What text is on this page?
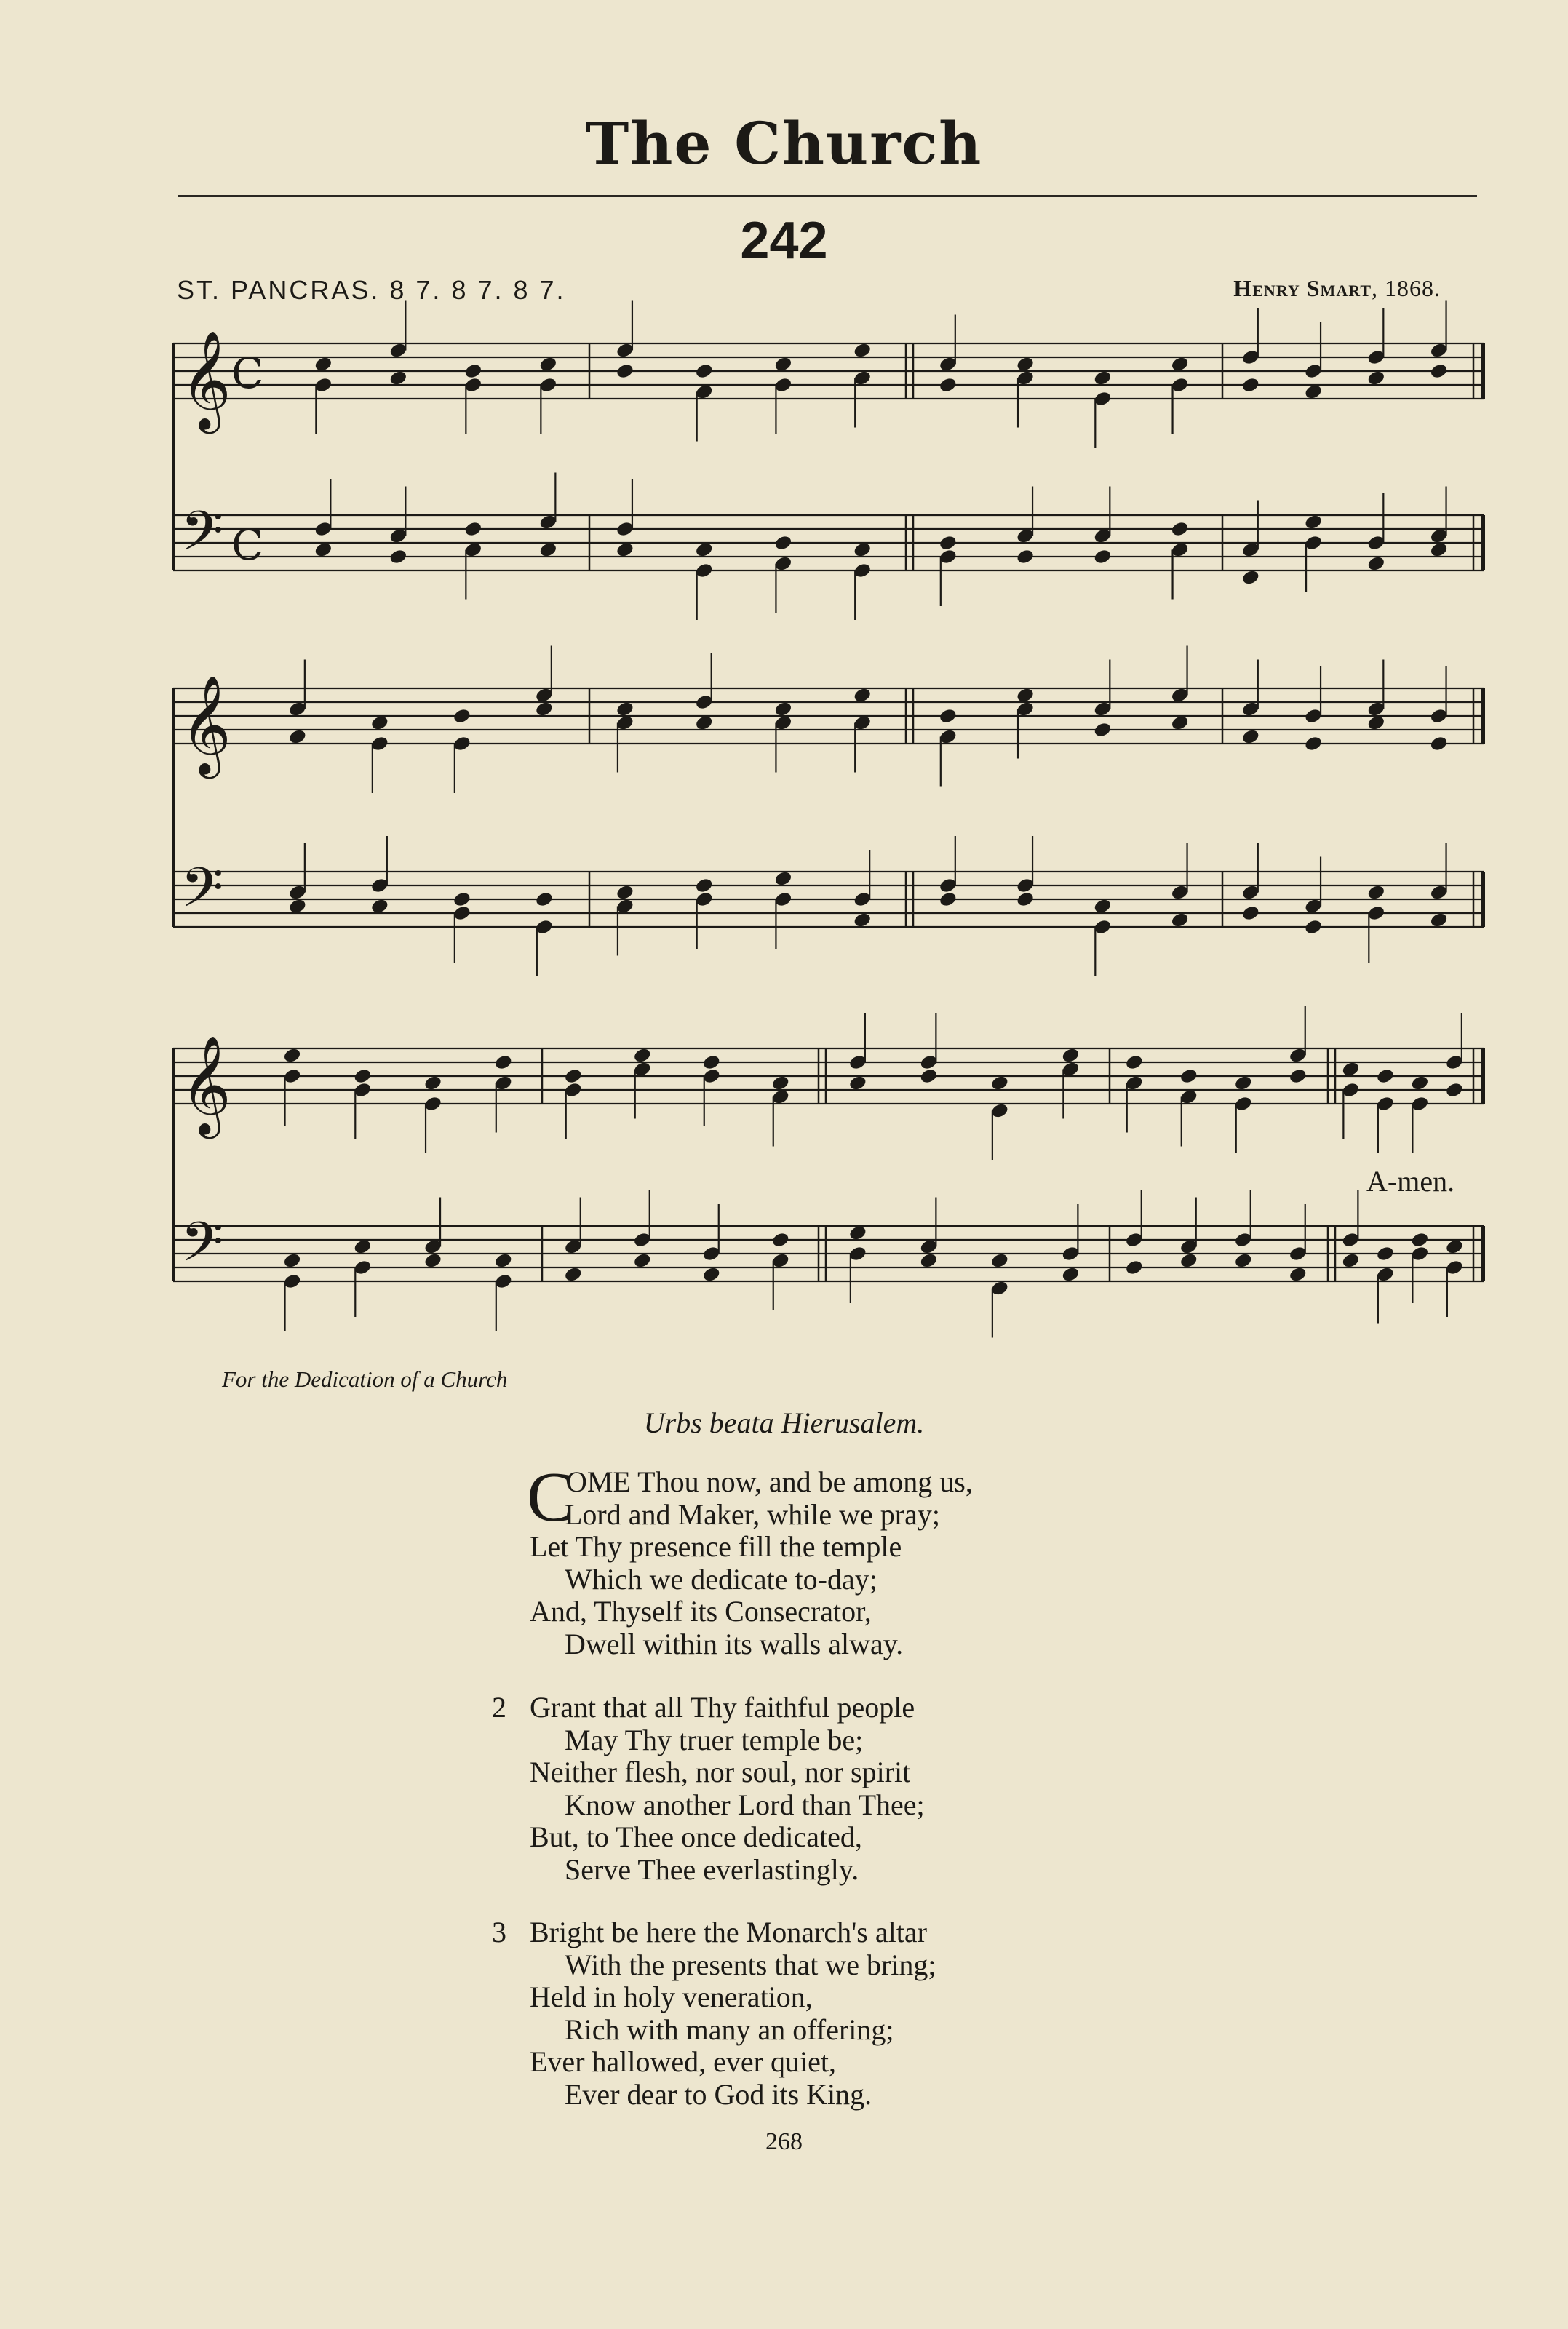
The Church
242
ST. PANCRAS. 8 7. 8 7. 8 7.	Henry Smart, 1868.
𝄞
𝄢
C
C
𝄞
𝄢
𝄞
𝄢
A-men.
For the Dedication of a Church
Urbs beata Hierusalem.
C
OME Thou now, and be among us,
Lord and Maker, while we pray;
Let Thy presence fill the temple
Which we dedicate to-day;
And, Thyself its Consecrator,
Dwell within its walls alway.
2 Grant that all Thy faithful people
May Thy truer temple be;
Neither flesh, nor soul, nor spirit
Know another Lord than Thee;
But, to Thee once dedicated,
Serve Thee everlastingly.
3 Bright be here the Monarch's altar
With the presents that we bring;
Held in holy veneration,
Rich with many an offering;
Ever hallowed, ever quiet,
Ever dear to God its King.
268
